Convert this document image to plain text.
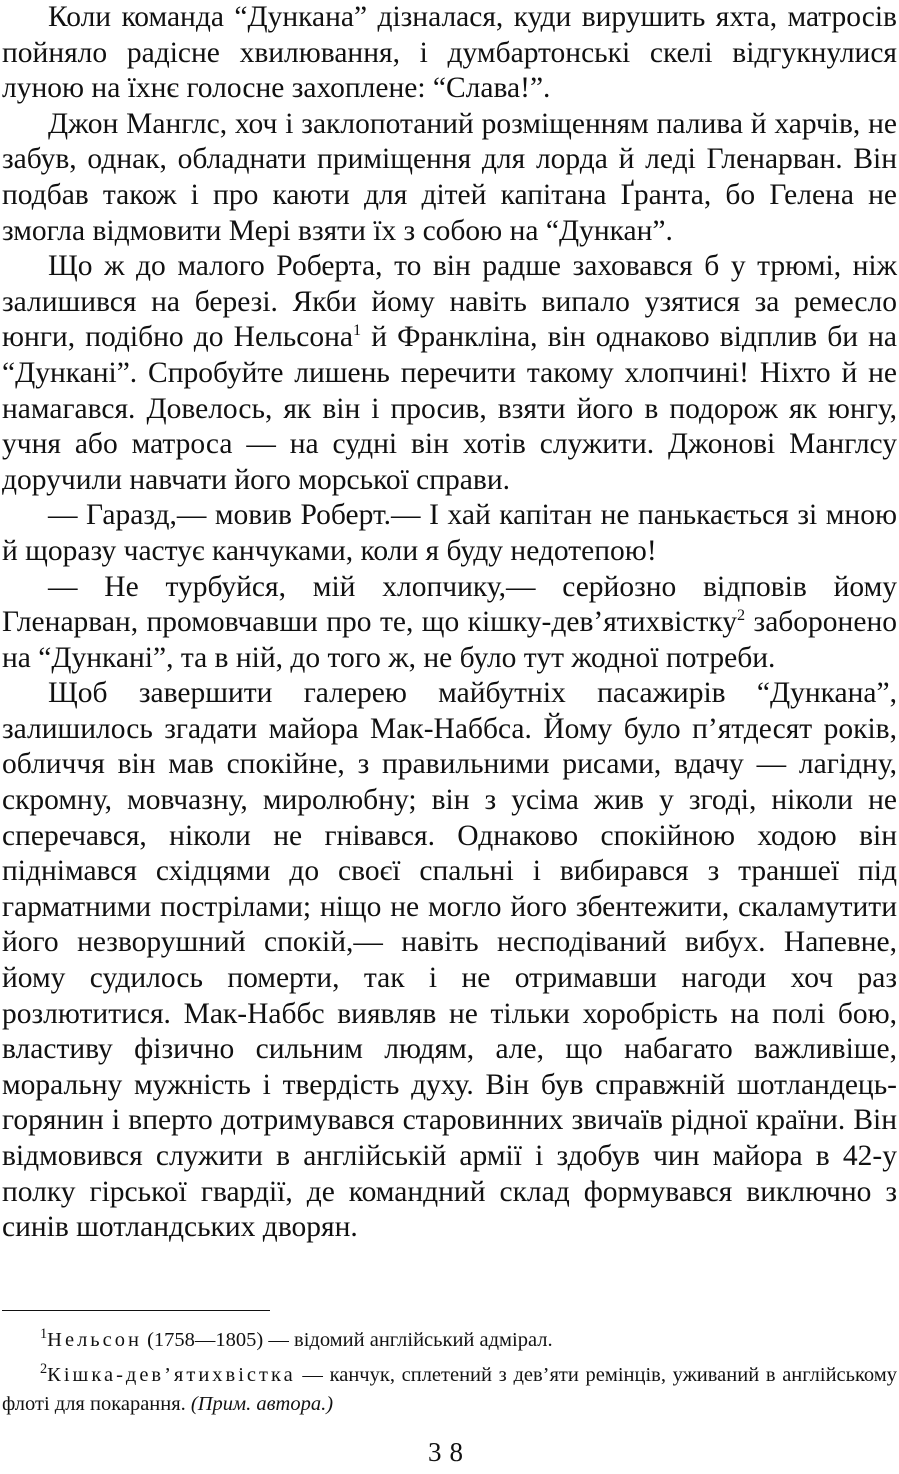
Коли команда “Дункана” дізналася, куди вирушить яхта, матросів пойняло радісне хвилювання, і думбартонські скелі відгукнулися луною на їхнє голосне захоплене: “Слава!”.

Джон Манглс, хоч і заклопотаний розміщенням палива й харчів, не забув, однак, обладнати приміщення для лорда й леді Гленарван. Він подбав також і про каюти для дітей капітана Ґранта, бо Гелена не змогла відмовити Мері взяти їх з собою на “Дункан”.

Що ж до малого Роберта, то він радше заховався б у трюмі, ніж залишився на березі. Якби йому навіть випало узятися за ремесло юнги, подібно до Нельсона$^1$ й Франкліна, він однаково відплив би на “Дункані”. Спробуйте лишень перечити такому хлопчині! Ніхто й не намагався. Довелось, як він і просив, взяти його в подорож як юнгу, учня або матроса — на судні він хотів служити. Джонові Манглсу доручили навчати його морської справи.

— Гаразд,— мовив Роберт.— І хай капітан не панькається зі мною й щоразу частує канчуками, коли я буду недотепою!

— Не турбуйся, мій хлопчику,— серйозно відповів йому Гленарван, промовчавши про те, що кішку-дев’ятихвістку$^2$ заборонено на “Дункані”, та в ній, до того ж, не було тут жодної потреби.

Щоб завершити галерею майбутніх пасажирів “Дункана”, залишилось згадати майора Мак-Наббса. Йому було п’ятдесят років, обличчя він мав спокійне, з правильними рисами, вдачу — лагідну, скромну, мовчазну, миролюбну; він з усіма жив у згоді, ніколи не сперечався, ніколи не гнівався. Однаково спокійною ходою він піднімався східцями до своєї спальні і вибирався з траншеї під гарматними пострілами; ніщо не могло його збентежити, скаламутити його незворушний спокій,— навіть несподіваний вибух. Напевне, йому судилось померти, так і не отримавши нагоди хоч раз розлютитися. Мак-Наббс виявляв не тільки хоробрість на полі бою, властиву фізично сильним людям, але, що набагато важливіше, моральну мужність і твердість духу. Він був справжній шотландець-горянин і вперто дотримувався старовинних звичаїв рідної країни. Він відмовився служити в англійській армії і здобув чин майора в 42-у полку гірської гвардії, де командний склад формувався виключно з синів шотландських дворян.

$^1$Нельсон (1758—1805) — відомий англійський адмірал.

$^2$Кішка-дев’ятихвістка — канчук, сплетений з дев’яти ремінців, уживаний в англійському флоті для покарання. (Прим. автора.)

38
